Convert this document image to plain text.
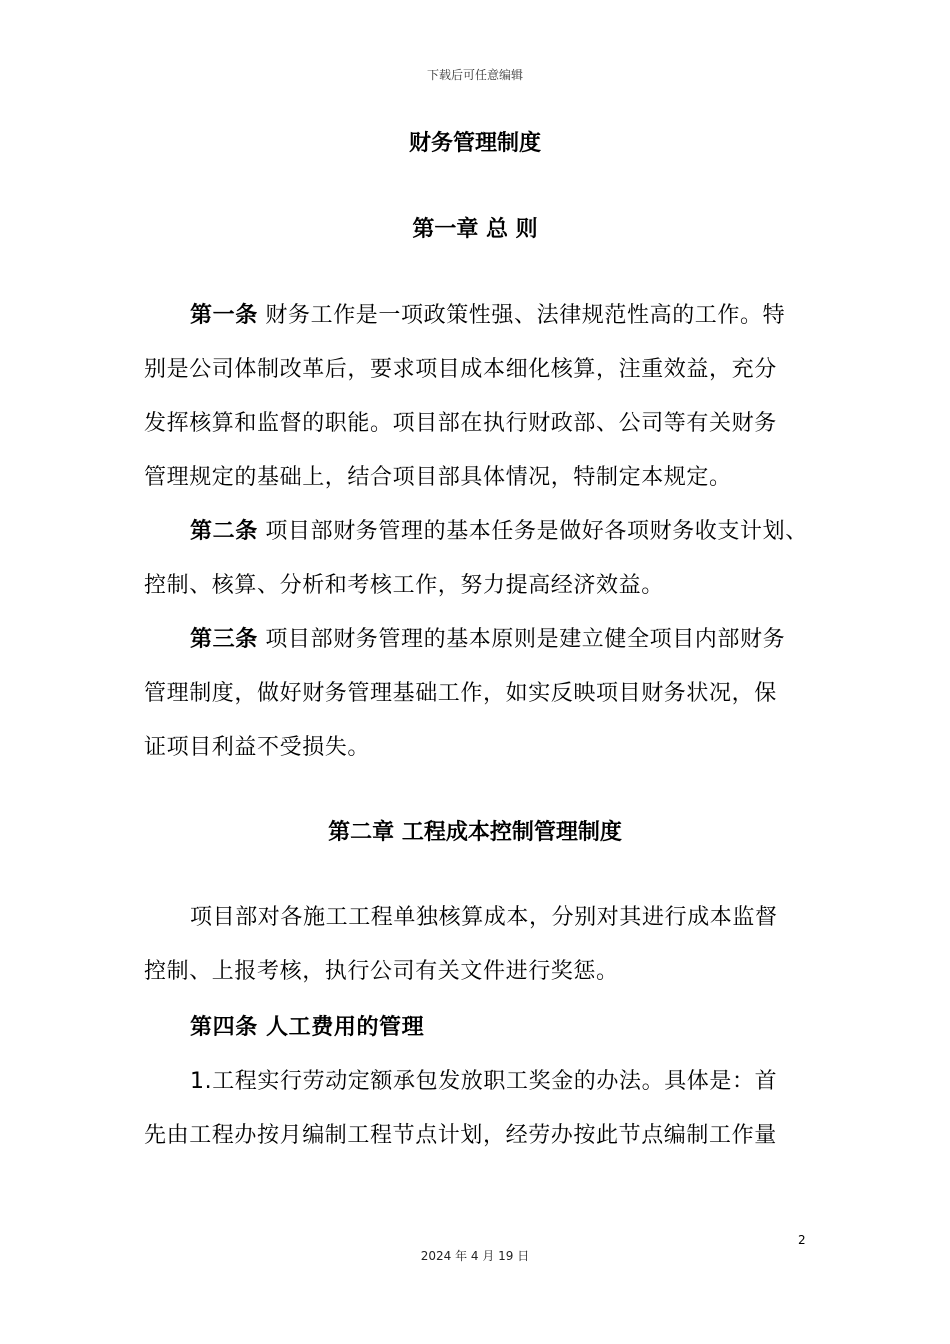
下载后可任意编辑
财务管理制度
第一章 总 则
第一条 财务工作是一项政策性强、法律规范性高的工作。特
别是公司体制改革后，要求项目成本细化核算，注重效益，充分
发挥核算和监督的职能。项目部在执行财政部、公司等有关财务
管理规定的基础上，结合项目部具体情况，特制定本规定。
第二条 项目部财务管理的基本任务是做好各项财务收支计划、
控制、核算、分析和考核工作，努力提高经济效益。
第三条 项目部财务管理的基本原则是建立健全项目内部财务
管理制度，做好财务管理基础工作，如实反映项目财务状况，保
证项目利益不受损失。
第二章 工程成本控制管理制度
项目部对各施工工程单独核算成本，分别对其进行成本监督
控制、上报考核，执行公司有关文件进行奖惩。
第四条 人工费用的管理
1.工程实行劳动定额承包发放职工奖金的办法。具体是：首
先由工程办按月编制工程节点计划，经劳办按此节点编制工作量
2
2024 年 4 月 19 日
